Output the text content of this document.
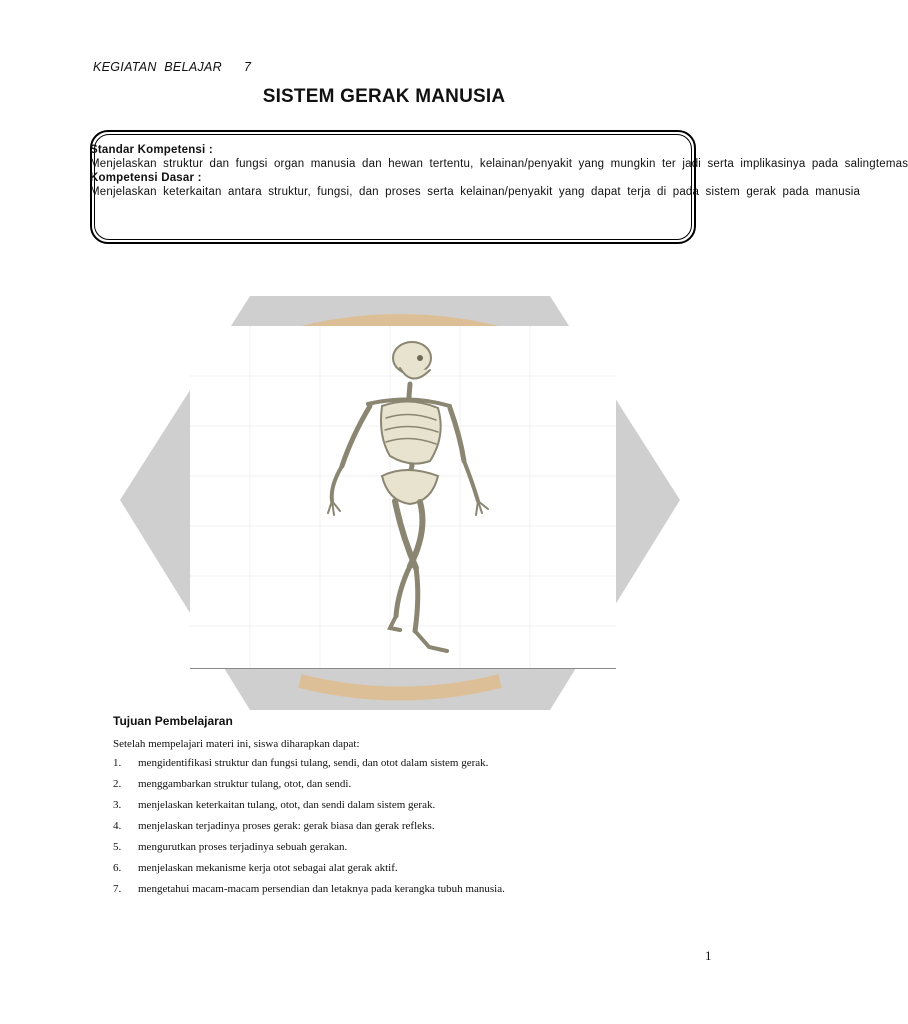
KEGIATAN  BELAJAR 7
SISTEM GERAK MANUSIA
Standar Kompetensi :
Menjelaskan struktur dan fungsi organ manusia dan hewan tertentu, kelainan/penyakit yang mungkin ter jadi serta implikasinya pada salingtemas
Kompetensi Dasar :
Menjelaskan keterkaitan antara struktur, fungsi, dan proses serta kelainan/penyakit yang dapat terja di pada sistem gerak pada manusia
Tujuan Pembelajaran
Setelah mempelajari materi ini, siswa diharapkan dapat:
1.	mengidentifikasi struktur dan fungsi tulang, sendi, dan otot dalam sistem gerak.
2.	menggambarkan struktur tulang, otot, dan sendi.
3.	menjelaskan keterkaitan tulang, otot, dan sendi dalam sistem gerak.
4.	menjelaskan terjadinya proses gerak: gerak biasa dan gerak refleks.
5.	mengurutkan proses terjadinya sebuah gerakan.
6.	menjelaskan mekanisme kerja otot sebagai alat gerak aktif.
7.	mengetahui macam-macam persendian dan letaknya pada kerangka tubuh manusia.
1
